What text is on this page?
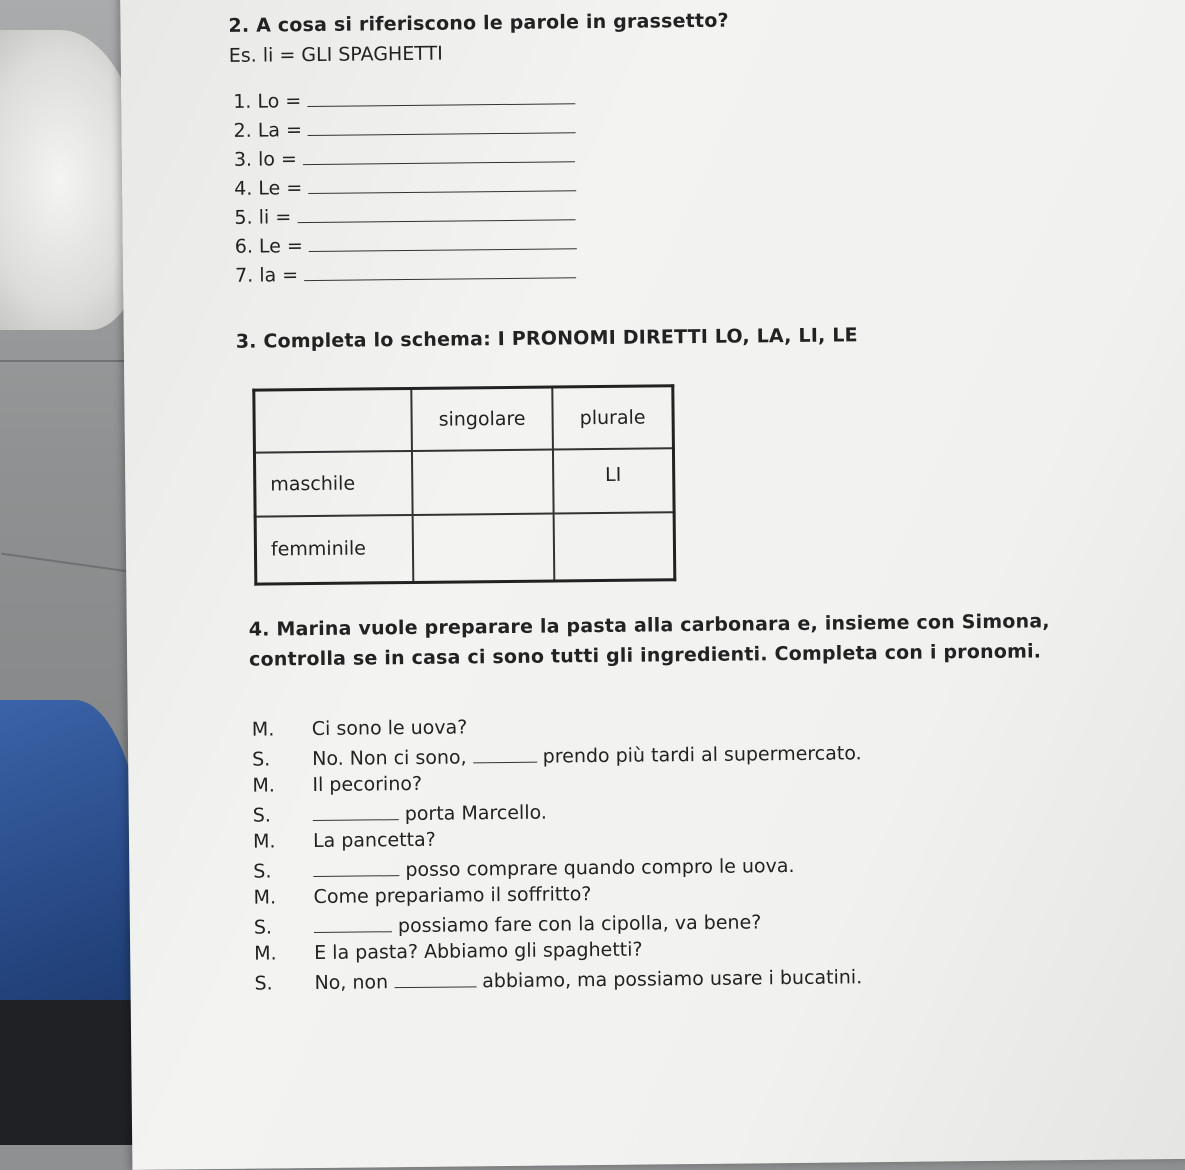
2. A cosa si riferiscono le parole in grassetto?
Es. li = GLI SPAGHETTI
1. Lo =
2. La =
3. lo =
4. Le =
5. li =
6. Le =
7. la =
3. Completa lo schema: I PRONOMI DIRETTI LO, LA, LI, LE
	singolare	plurale
maschile		LI
femminile		
4. Marina vuole preparare la pasta alla carbonara e, insieme con Simona,
controlla se in casa ci sono tutti gli ingredienti. Completa con i pronomi.
M. Ci sono le uova?
S. No. Non ci sono,	prendo più tardi al supermercato.
M. Il pecorino?
S.	porta Marcello.
M. La pancetta?
S.	posso comprare quando compro le uova.
M. Come prepariamo il soffritto?
S.	possiamo fare con la cipolla, va bene?
M. E la pasta? Abbiamo gli spaghetti?
S. No, non	abbiamo, ma possiamo usare i bucatini.
